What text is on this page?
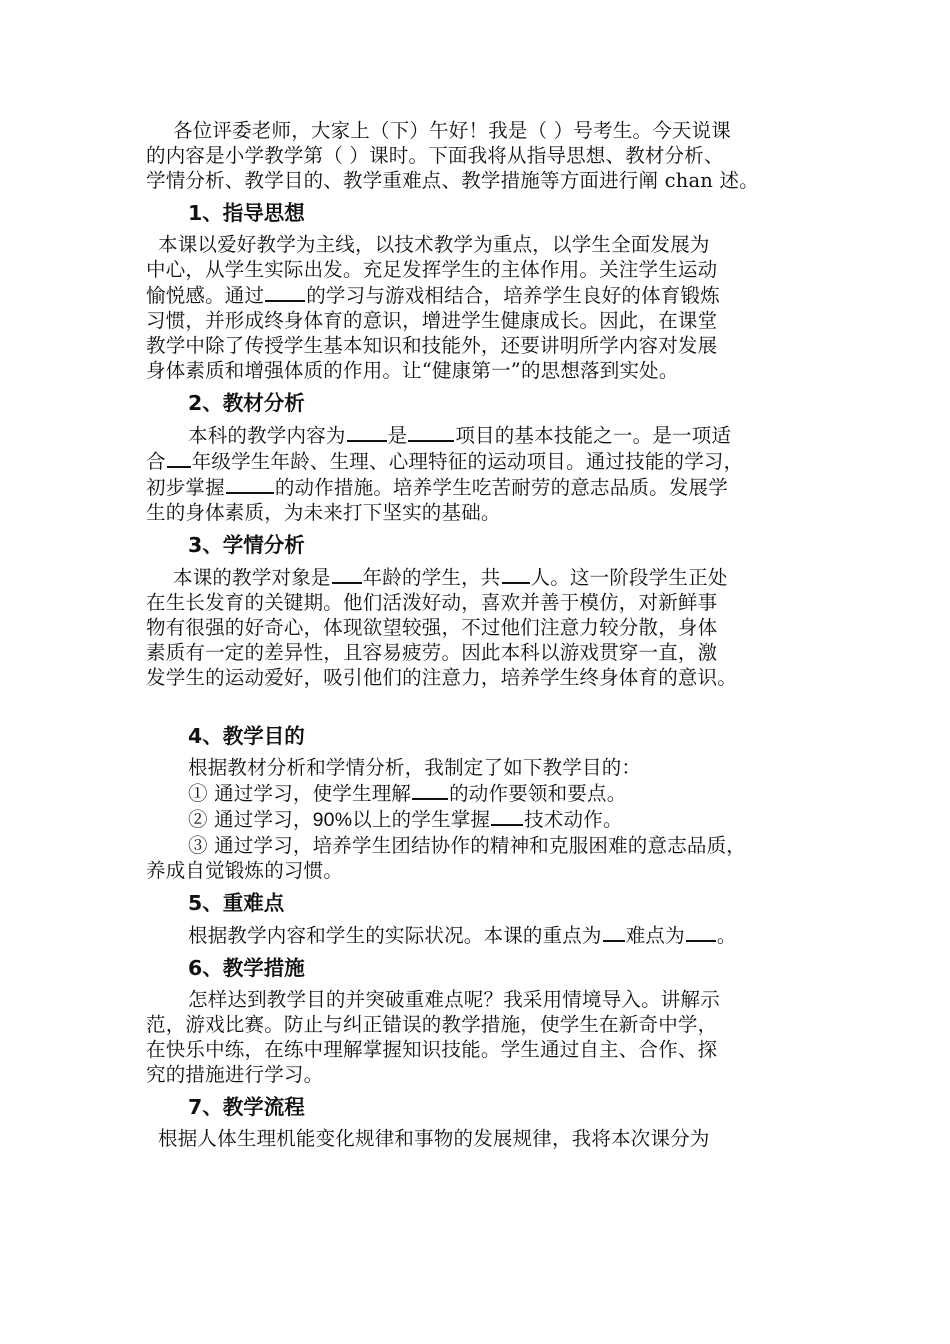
各位评委老师，大家上（下）午好！我是（ ）号考生。今天说课

的内容是小学教学第（ ）课时。下面我将从指导思想、教材分析、

学情分析、教学目的、教学重难点、教学措施等方面进行阐 chan 述。

1、指导思想

本课以爱好教学为主线，以技术教学为重点，以学生全面发展为

中心，从学生实际出发。充足发挥学生的主体作用。关注学生运动

愉悦感。通过 的学习与游戏相结合，培养学生良好的体育锻炼

习惯，并形成终身体育的意识，增进学生健康成长。因此，在课堂

教学中除了传授学生基本知识和技能外，还要讲明所学内容对发展

身体素质和增强体质的作用。让“健康第一”的思想落到实处。

2、教材分析

本科的教学内容为 是 项目的基本技能之一。是一项适

合 年级学生年龄、生理、心理特征的运动项目。通过技能的学习，

初步掌握	的动作措施。培养学生吃苦耐劳的意志品质。发展学

生的身体素质，为未来打下坚实的基础。

3、学情分析

本课的教学对象是 年龄的学生，共 人。这一阶段学生正处

在生长发育的关键期。他们活泼好动，喜欢并善于模仿，对新鲜事

物有很强的好奇心，体现欲望较强，不过他们注意力较分散，身体

素质有一定的差异性，且容易疲劳。因此本科以游戏贯穿一直，激

发学生的运动爱好，吸引他们的注意力，培养学生终身体育的意识。

4、教学目的

根据教材分析和学情分析，我制定了如下教学目的：

① 通过学习，使学生理解 的动作要领和要点。

② 通过学习，90%以上的学生掌握 技术动作。

③ 通过学习，培养学生团结协作的精神和克服困难的意志品质，

养成自觉锻炼的习惯。

5、重难点

根据教学内容和学生的实际状况。本课的重点为 难点为 。

6、教学措施

怎样达到教学目的并突破重难点呢？我采用情境导入。讲解示

范，游戏比赛。防止与纠正错误的教学措施，使学生在新奇中学，

在快乐中练，在练中理解掌握知识技能。学生通过自主、合作、探

究的措施进行学习。

7、教学流程

根据人体生理机能变化规律和事物的发展规律，我将本次课分为
